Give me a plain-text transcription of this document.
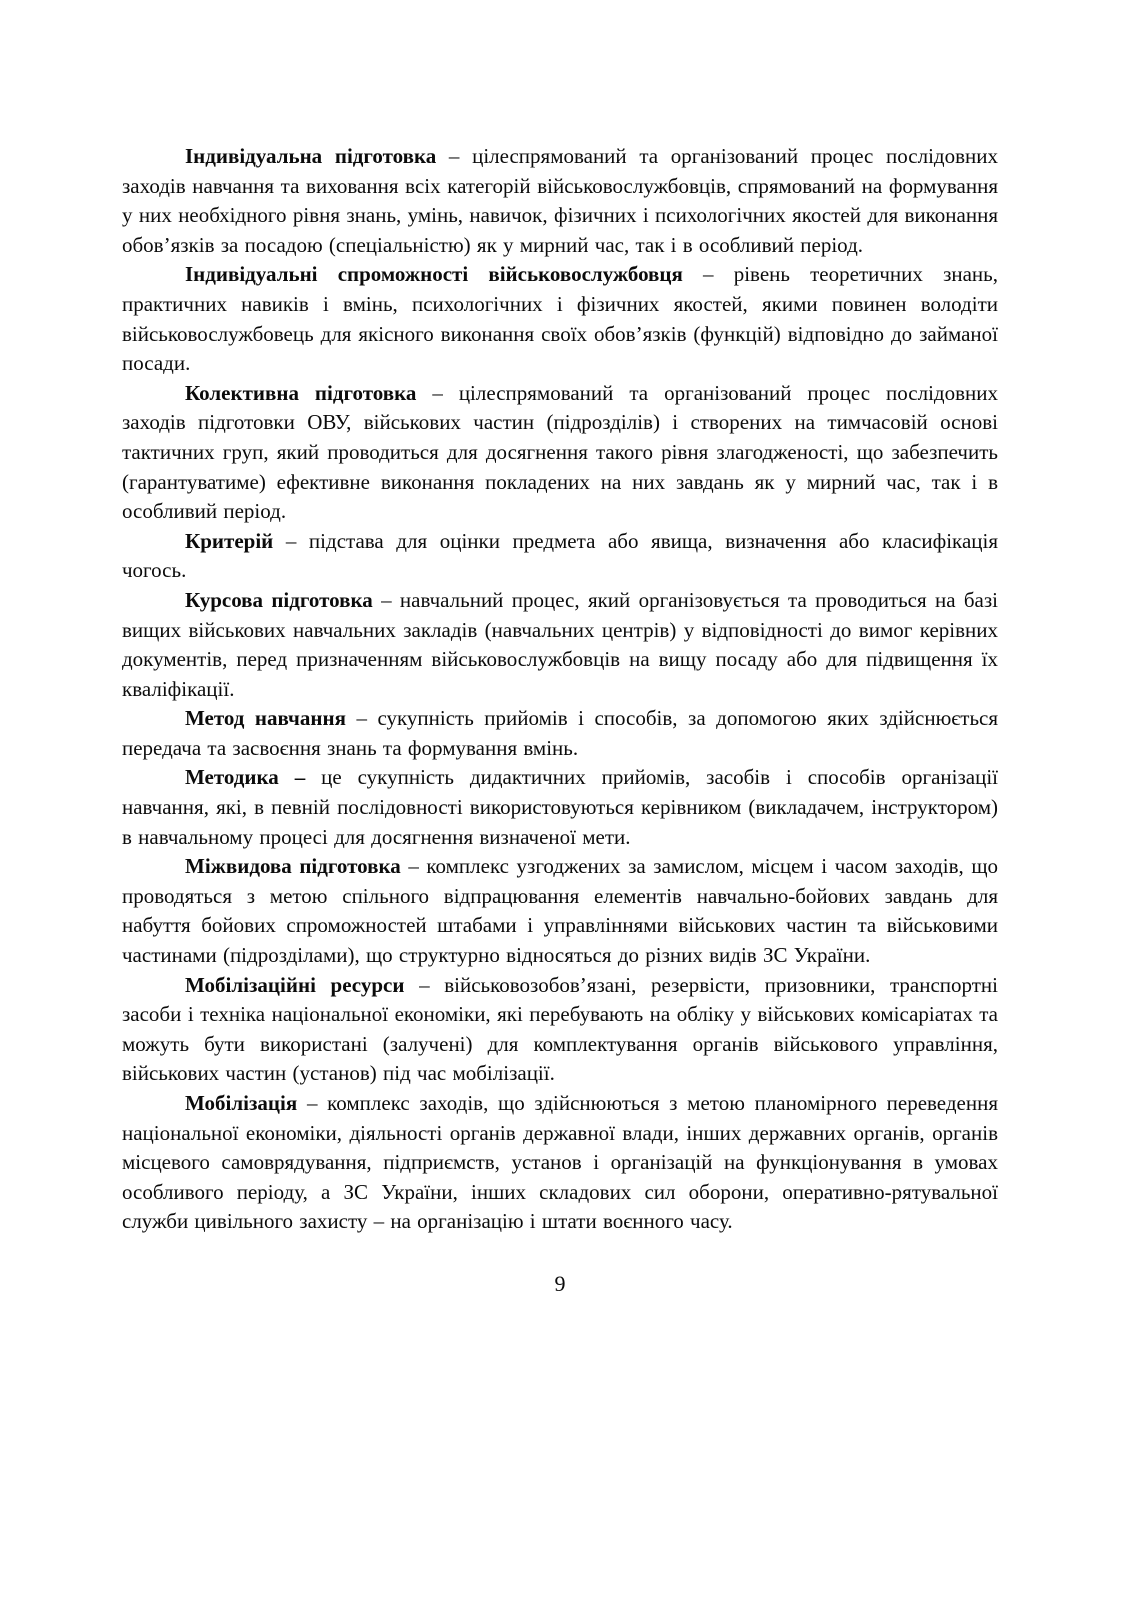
Індивідуальна підготовка – цілеспрямований та організований процес послідовних заходів навчання та виховання всіх категорій військовослужбовців, спрямований на формування у них необхідного рівня знань, умінь, навичок, фізичних і психологічних якостей для виконання обов’язків за посадою (спеціальністю) як у мирний час, так і в особливий період.

Індивідуальні спроможності військовослужбовця – рівень теоретичних знань, практичних навиків і вмінь, психологічних і фізичних якостей, якими повинен володіти військовослужбовець для якісного виконання своїх обов’язків (функцій) відповідно до займаної посади.

Колективна підготовка – цілеспрямований та організований процес послідовних заходів підготовки ОВУ, військових частин (підрозділів) і створених на тимчасовій основі тактичних груп, який проводиться для досягнення такого рівня злагодженості, що забезпечить (гарантуватиме) ефективне виконання покладених на них завдань як у мирний час, так і в особливий період.

Критерій – підстава для оцінки предмета або явища, визначення або класифікація чогось.

Курсова підготовка – навчальний процес, який організовується та проводиться на базі вищих військових навчальних закладів (навчальних центрів) у відповідності до вимог керівних документів, перед призначенням військовослужбовців на вищу посаду або для підвищення їх кваліфікації.

Метод навчання – сукупність прийомів і способів, за допомогою яких здійснюється передача та засвоєння знань та формування вмінь.

Методика – це сукупність дидактичних прийомів, засобів і способів організації навчання, які, в певній послідовності використовуються керівником (викладачем, інструктором) в навчальному процесі для досягнення визначеної мети.

Міжвидова підготовка – комплекс узгоджених за замислом, місцем і часом заходів, що проводяться з метою спільного відпрацювання елементів навчально-бойових завдань для набуття бойових спроможностей штабами і управліннями військових частин та військовими частинами (підрозділами), що структурно відносяться до різних видів ЗС України.

Мобілізаційні ресурси – військовозобов’язані, резервісти, призовники, транспортні засоби і техніка національної економіки, які перебувають на обліку у військових комісаріатах та можуть бути використані (залучені) для комплектування органів військового управління, військових частин (установ) під час мобілізації.

Мобілізація – комплекс заходів, що здійснюються з метою планомірного переведення національної економіки, діяльності органів державної влади, інших державних органів, органів місцевого самоврядування, підприємств, установ і організацій на функціонування в умовах особливого періоду, а ЗС України, інших складових сил оборони, оперативно-рятувальної служби цивільного захисту – на організацію і штати воєнного часу.

9
